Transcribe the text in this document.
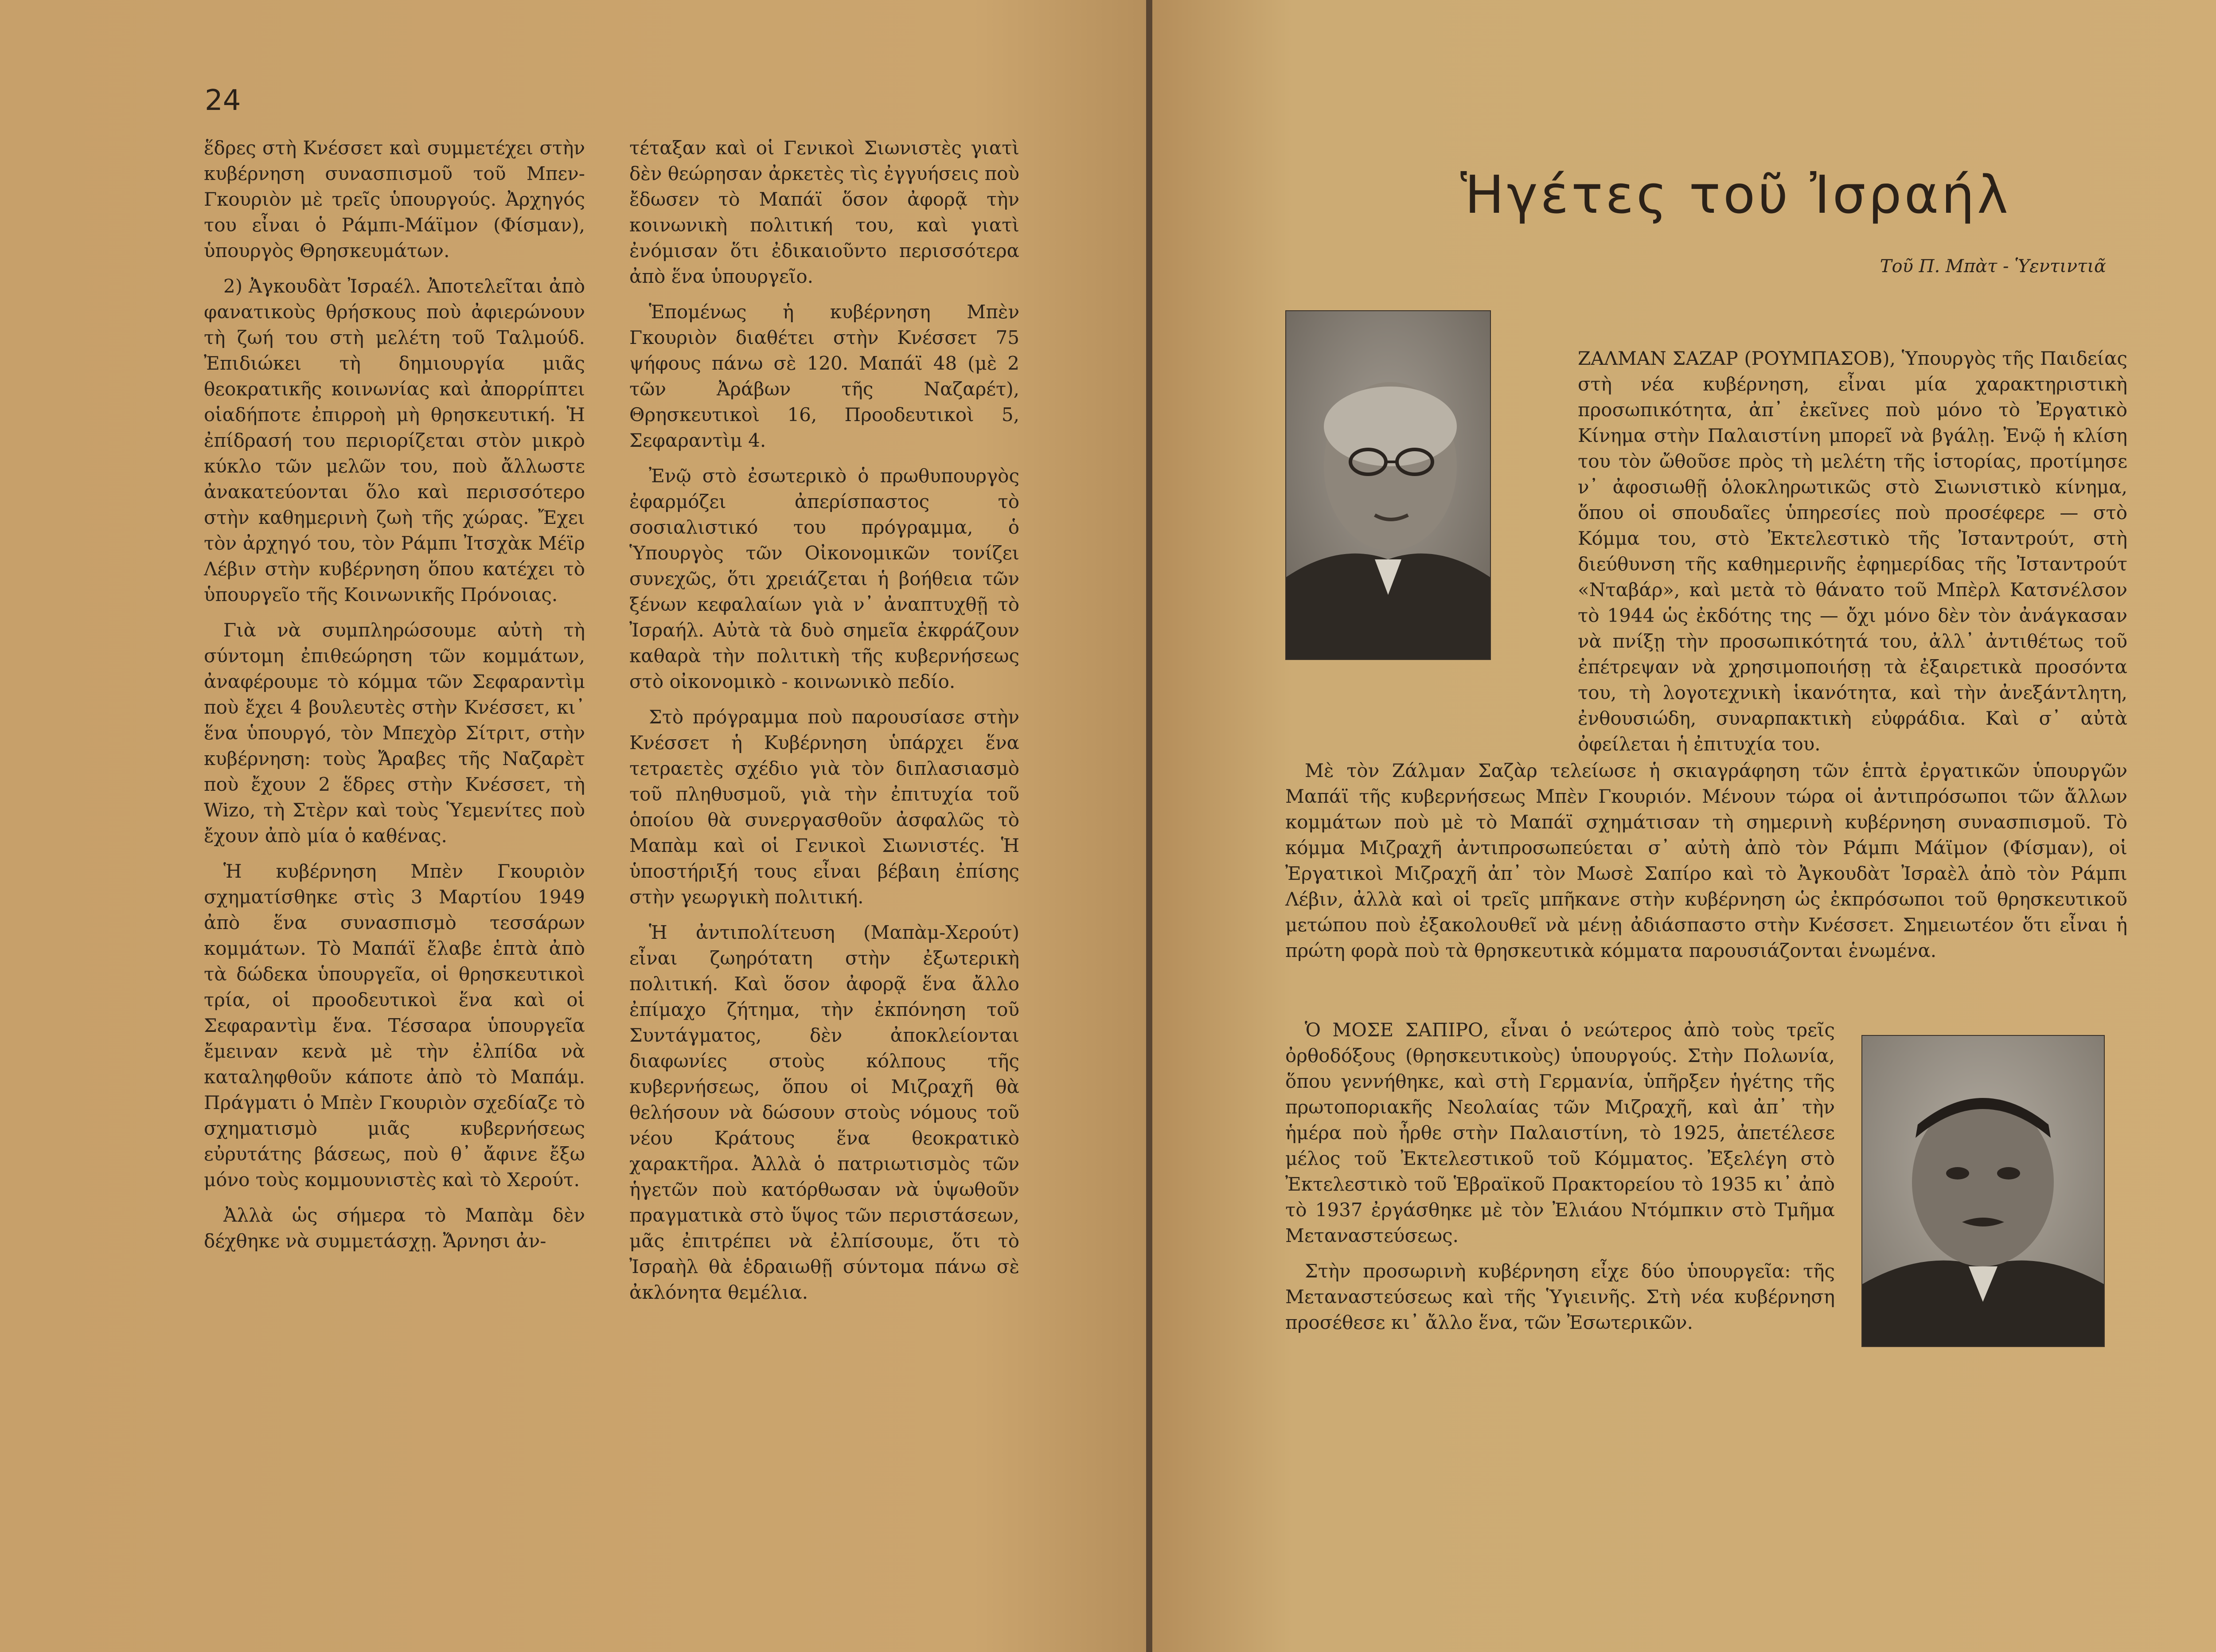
24

ἕδρες στὴ Κνέσσετ καὶ συμμετέχει στὴν κυβέρνηση συνασπισμοῦ τοῦ Μπεν-Γκουριὸν μὲ τρεῖς ὑπουργούς. Ἀρχηγός του εἶναι ὁ Ράμπι-Μάϊμον (Φίσμαν), ὑπουργὸς Θρησκευμάτων.

2) Ἀγκουδὰτ Ἰσραέλ. Ἀποτελεῖται ἀπὸ φανατικοὺς θρήσκους ποὺ ἀφιερώνουν τὴ ζωή του στὴ μελέτη τοῦ Ταλμούδ. Ἐπιδιώκει τὴ δημιουργία μιᾶς θεοκρατικῆς κοινωνίας καὶ ἀπορρίπτει οἱαδήποτε ἐπιρροὴ μὴ θρησκευτική. Ἡ ἐπίδρασή του περιορίζεται στὸν μικρὸ κύκλο τῶν μελῶν του, ποὺ ἄλλωστε ἀνακατεύονται ὅλο καὶ περισσότερο στὴν καθημερινὴ ζωὴ τῆς χώρας. Ἔχει τὸν ἀρχηγό του, τὸν Ράμπι Ἰτσχὰκ Μέϊρ Λέβιν στὴν κυβέρνηση ὅπου κατέχει τὸ ὑπουργεῖο τῆς Κοινωνικῆς Πρόνοιας.

Γιὰ νὰ συμπληρώσουμε αὐτὴ τὴ σύντομη ἐπιθεώρηση τῶν κομμάτων, ἀναφέρουμε τὸ κόμμα τῶν Σεφαραντὶμ ποὺ ἔχει 4 βουλευτὲς στὴν Κνέσσετ, κι᾽ ἕνα ὑπουργό, τὸν Μπεχὸρ Σίτριτ, στὴν κυβέρνηση: τοὺς Ἄραβες τῆς Ναζαρὲτ ποὺ ἔχουν 2 ἕδρες στὴν Κνέσσετ, τὴ Wizo, τὴ Στὲρν καὶ τοὺς Ὑεμενίτες ποὺ ἔχουν ἀπὸ μία ὁ καθένας.

Ἡ κυβέρνηση Μπὲν Γκουριὸν σχηματίσθηκε στὶς 3 Μαρτίου 1949 ἀπὸ ἕνα συνασπισμὸ τεσσάρων κομμάτων. Τὸ Μαπάϊ ἔλαβε ἑπτὰ ἀπὸ τὰ δώδεκα ὑπουργεῖα, οἱ θρησκευτικοὶ τρία, οἱ προοδευτικοὶ ἕνα καὶ οἱ Σεφαραντὶμ ἕνα. Τέσσαρα ὑπουργεῖα ἔμειναν κενὰ μὲ τὴν ἐλπίδα νὰ καταληφθοῦν κάποτε ἀπὸ τὸ Μαπάμ. Πράγματι ὁ Μπὲν Γκουριὸν σχεδίαζε τὸ σχηματισμὸ μιᾶς κυβερνήσεως εὐρυτάτης βάσεως, ποὺ θ᾽ ἄφινε ἔξω μόνο τοὺς κομμουνιστὲς καὶ τὸ Χερούτ.

Ἀλλὰ ὡς σήμερα τὸ Μαπὰμ δὲν δέχθηκε νὰ συμμετάσχῃ. Ἄρνησι ἀν-

τέταξαν καὶ οἱ Γενικοὶ Σιωνιστὲς γιατὶ δὲν θεώρησαν ἀρκετὲς τὶς ἐγγυήσεις ποὺ ἔδωσεν τὸ Μαπάϊ ὅσον ἀφορᾷ τὴν κοινωνικὴ πολιτική του, καὶ γιατὶ ἐνόμισαν ὅτι ἐδικαιοῦντο περισσότερα ἀπὸ ἕνα ὑπουργεῖο.

Ἑπομένως ἡ κυβέρνηση Μπὲν Γκουριὸν διαθέτει στὴν Κνέσσετ 75 ψήφους πάνω σὲ 120. Μαπάϊ 48 (μὲ 2 τῶν Ἀράβων τῆς Ναζαρέτ), Θρησκευτικοὶ 16, Προοδευτικοὶ 5, Σεφαραντὶμ 4.

Ἐνῷ στὸ ἐσωτερικὸ ὁ πρωθυπουργὸς ἐφαρμόζει ἀπερίσπαστος τὸ σοσιαλιστικό του πρόγραμμα, ὁ Ὑπουργὸς τῶν Οἰκονομικῶν τονίζει συνεχῶς, ὅτι χρειάζεται ἡ βοήθεια τῶν ξένων κεφαλαίων γιὰ ν᾽ ἀναπτυχθῇ τὸ Ἰσραήλ. Αὐτὰ τὰ δυὸ σημεῖα ἐκφράζουν καθαρὰ τὴν πολιτικὴ τῆς κυβερνήσεως στὸ οἰκονομικὸ - κοινωνικὸ πεδίο.

Στὸ πρόγραμμα ποὺ παρουσίασε στὴν Κνέσσετ ἡ Κυβέρνηση ὑπάρχει ἕνα τετραετὲς σχέδιο γιὰ τὸν διπλασιασμὸ τοῦ πληθυσμοῦ, γιὰ τὴν ἐπιτυχία τοῦ ὁποίου θὰ συνεργασθοῦν ἀσφαλῶς τὸ Μαπὰμ καὶ οἱ Γενικοὶ Σιωνιστές. Ἡ ὑποστήριξή τους εἶναι βέβαιη ἐπίσης στὴν γεωργικὴ πολιτική.

Ἡ ἀντιπολίτευση (Μαπὰμ-Χερούτ) εἶναι ζωηρότατη στὴν ἐξωτερικὴ πολιτική. Καὶ ὅσον ἀφορᾷ ἕνα ἄλλο ἐπίμαχο ζήτημα, τὴν ἐκπόνηση τοῦ Συντάγματος, δὲν ἀποκλείονται διαφωνίες στοὺς κόλπους τῆς κυβερνήσεως, ὅπου οἱ Μιζραχῆ θὰ θελήσουν νὰ δώσουν στοὺς νόμους τοῦ νέου Κράτους ἕνα θεοκρατικὸ χαρακτῆρα. Ἀλλὰ ὁ πατριωτισμὸς τῶν ἡγετῶν ποὺ κατόρθωσαν νὰ ὑψωθοῦν πραγματικὰ στὸ ὕψος τῶν περιστάσεων, μᾶς ἐπιτρέπει νὰ ἐλπίσουμε, ὅτι τὸ Ἰσραὴλ θὰ ἑδραιωθῇ σύντομα πάνω σὲ ἀκλόνητα θεμέλια.

Ἡγέτες τοῦ Ἰσραήλ
Τοῦ Π. Μπὰτ - Ὑεντιντιᾶ

ΖΑΛΜΑΝ ΣΑΖΑΡ (ΡΟΥΜΠΑΣΟΒ), Ὑπουργὸς τῆς Παιδείας στὴ νέα κυβέρνηση, εἶναι μία χαρακτηριστικὴ προσωπικότητα, ἀπ᾽ ἐκεῖνες ποὺ μόνο τὸ Ἐργατικὸ Κίνημα στὴν Παλαιστίνη μπορεῖ νὰ βγάλῃ. Ἐνῷ ἡ κλίση του τὸν ὤθοῦσε πρὸς τὴ μελέτη τῆς ἱστορίας, προτίμησε ν᾽ ἀφοσιωθῇ ὁλοκληρωτικῶς στὸ Σιωνιστικὸ κίνημα, ὅπου οἱ σπουδαῖες ὑπηρεσίες ποὺ προσέφερε — στὸ Κόμμα του, στὸ Ἐκτελεστικὸ τῆς Ἰσταντρούτ, στὴ διεύθυνση τῆς καθημερινῆς ἐφημερίδας τῆς Ἰσταντρούτ «Νταβάρ», καὶ μετὰ τὸ θάνατο τοῦ Μπὲρλ Κατσνέλσον τὸ 1944 ὡς ἐκδότης της — ὄχι μόνο δὲν τὸν ἀνάγκασαν νὰ πνίξῃ τὴν προσωπικότητά του, ἀλλ᾽ ἀντιθέτως τοῦ ἐπέτρεψαν νὰ χρησιμοποιήσῃ τὰ ἐξαιρετικὰ προσόντα του, τὴ λογοτεχνικὴ ἱκανότητα, καὶ τὴν ἀνεξάντλητη, ἐνθουσιώδη, συναρπακτικὴ εὐφράδια. Καὶ σ᾽ αὐτὰ ὀφείλεται ἡ ἐπιτυχία του.

Μὲ τὸν Ζάλμαν Σαζὰρ τελείωσε ἡ σκιαγράφηση τῶν ἑπτὰ ἐργατικῶν ὑπουργῶν Μαπάϊ τῆς κυβερνήσεως Μπὲν Γκουριόν. Μένουν τώρα οἱ ἀντιπρόσωποι τῶν ἄλλων κομμάτων ποὺ μὲ τὸ Μαπάϊ σχημάτισαν τὴ σημερινὴ κυβέρνηση συνασπισμοῦ. Τὸ κόμμα Μιζραχῆ ἀντιπροσωπεύεται σ᾽ αὐτὴ ἀπὸ τὸν Ράμπι Μάϊμον (Φίσμαν), οἱ Ἐργατικοὶ Μιζραχῆ ἀπ᾽ τὸν Μωσὲ Σαπίρο καὶ τὸ Ἀγκουδὰτ Ἰσραὲλ ἀπὸ τὸν Ράμπι Λέβιν, ἀλλὰ καὶ οἱ τρεῖς μπῆκανε στὴν κυβέρνηση ὡς ἐκπρόσωποι τοῦ θρησκευτικοῦ μετώπου ποὺ ἐξακολουθεῖ νὰ μένῃ ἀδιάσπαστο στὴν Κνέσσετ. Σημειωτέον ὅτι εἶναι ἡ πρώτη φορὰ ποὺ τὰ θρησκευτικὰ κόμματα παρουσιάζονται ἑνωμένα.

Ὁ ΜΟΣΕ ΣΑΠΙΡΟ, εἶναι ὁ νεώτερος ἀπὸ τοὺς τρεῖς ὀρθοδόξους (θρησκευτικοὺς) ὑπουργούς. Στὴν Πολωνία, ὅπου γεννήθηκε, καὶ στὴ Γερμανία, ὑπῆρξεν ἡγέτης τῆς πρωτοποριακῆς Νεολαίας τῶν Μιζραχῆ, καὶ ἀπ᾽ τὴν ἡμέρα ποὺ ἦρθε στὴν Παλαιστίνη, τὸ 1925, ἀπετέλεσε μέλος τοῦ Ἐκτελεστικοῦ τοῦ Κόμματος. Ἐξελέγη στὸ Ἐκτελεστικὸ τοῦ Ἑβραϊκοῦ Πρακτορείου τὸ 1935 κι᾽ ἀπὸ τὸ 1937 ἐργάσθηκε μὲ τὸν Ἐλιάου Ντόμπκιν στὸ Τμῆμα Μεταναστεύσεως.

Στὴν προσωρινὴ κυβέρνηση εἶχε δύο ὑπουργεῖα: τῆς Μεταναστεύσεως καὶ τῆς Ὑγιεινῆς. Στὴ νέα κυβέρνηση προσέθεσε κι᾽ ἄλλο ἕνα, τῶν Ἐσωτερικῶν.
